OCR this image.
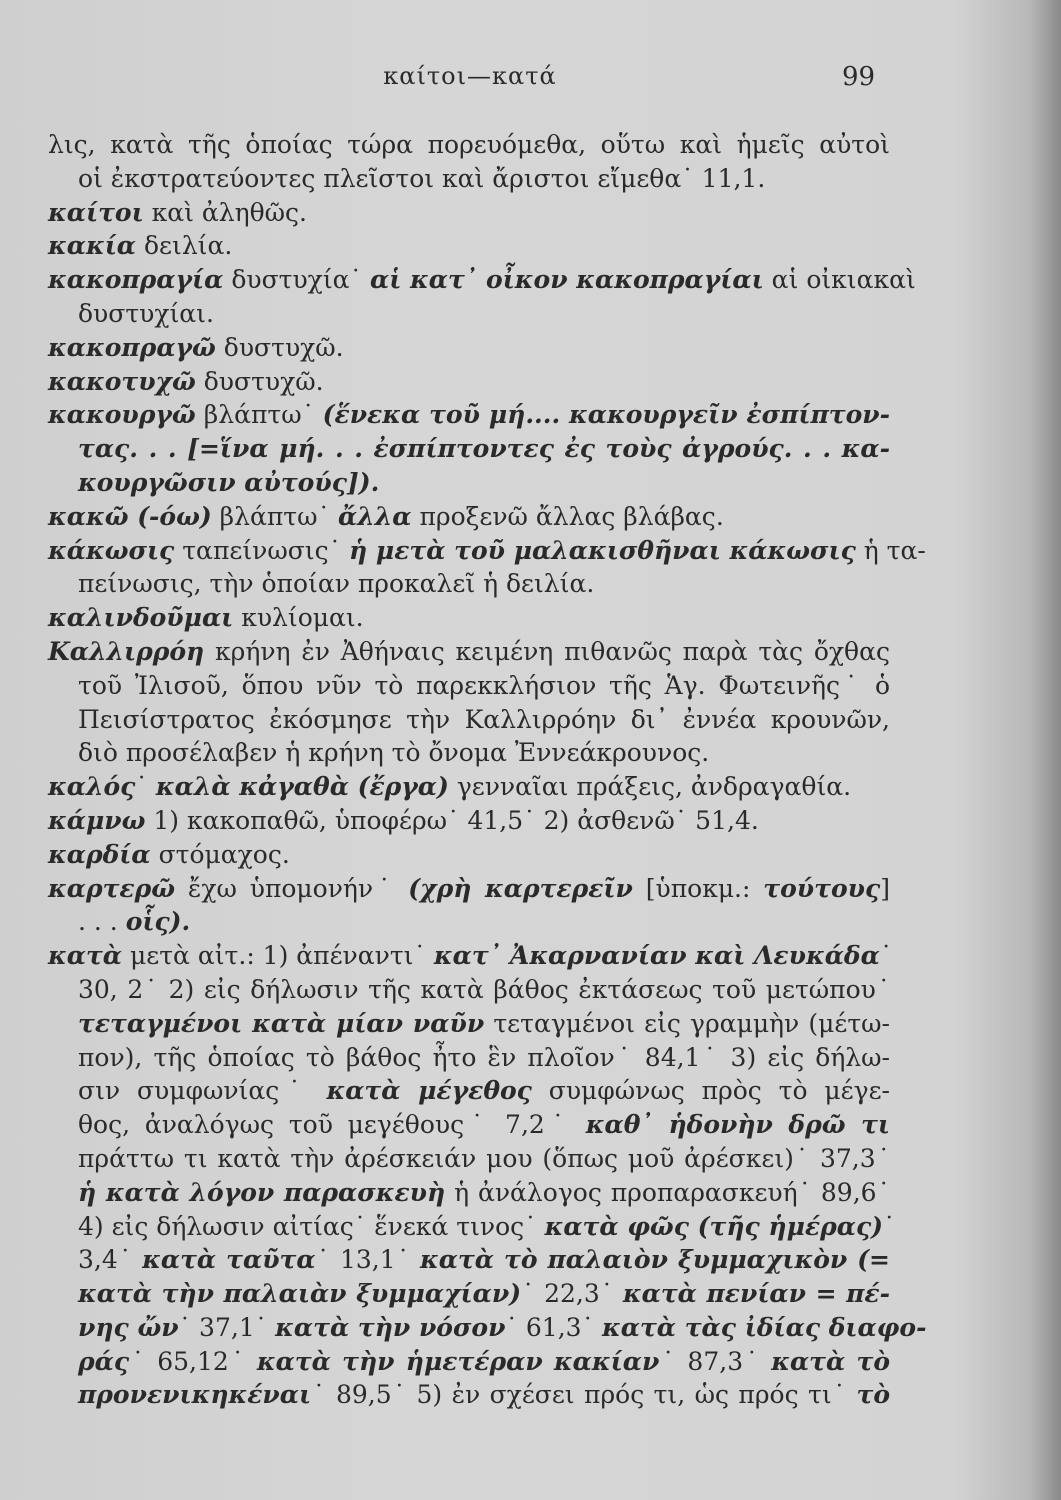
καίτοι—κατά	99
λις, κατὰ τῆς ὁποίας τώρα πορευόμεθα, οὕτω καὶ ἡμεῖς αὐτοὶ
οἱ ἐκστρατεύοντες πλεῖστοι καὶ ἄριστοι εἴμεθα˙ 11,1.
καίτοι καὶ ἀληθῶς.
κακία δειλία.
κακοπραγία δυστυχία˙ αἱ κατ᾿ οἶκον κακοπραγίαι αἱ οἰκιακαὶ
δυστυχίαι.
κακοπραγῶ δυστυχῶ.
κακοτυχῶ δυστυχῶ.
κακουργῶ βλάπτω˙ (ἕνεκα τοῦ μή.... κακουργεῖν ἐσπίπτον-
τας. . . [=ἵνα μή. . . ἐσπίπτοντες ἐς τοὺς ἀγρούς. . . κα-
κουργῶσιν αὐτούς]).
κακῶ (-όω) βλάπτω˙ ἄλλα προξενῶ ἄλλας βλάβας.
κάκωσις ταπείνωσις˙ ἡ μετὰ τοῦ μαλακισθῆναι κάκωσις ἡ τα-
πείνωσις, τὴν ὁποίαν προκαλεῖ ἡ δειλία.
καλινδοῦμαι κυλίομαι.
Καλλιρρόη κρήνη ἐν Ἀθήναις κειμένη πιθανῶς παρὰ τὰς ὄχθας
τοῦ Ἰλισοῦ, ὅπου νῦν τὸ παρεκκλήσιον τῆς Ἁγ. Φωτεινῆς˙ ὁ
Πεισίστρατος ἐκόσμησε τὴν Καλλιρρόην δι᾿ ἐννέα κρουνῶν,
διὸ προσέλαβεν ἡ κρήνη τὸ ὄνομα Ἐννεάκρουνος.
καλός˙ καλὰ κἀγαθὰ (ἔργα) γενναῖαι πράξεις, ἀνδραγαθία.
κάμνω 1) κακοπαθῶ, ὑποφέρω˙ 41,5˙ 2) ἀσθενῶ˙ 51,4.
καρδία στόμαχος.
καρτερῶ ἔχω ὑπομονήν˙ (χρὴ καρτερεῖν [ὑποκμ.: τούτους]
. . . οἷς).
κατὰ μετὰ αἰτ.: 1) ἀπέναντι˙ κατ᾿ Ἀκαρνανίαν καὶ Λευκάδα˙
30, 2˙ 2) εἰς δήλωσιν τῆς κατὰ βάθος ἐκτάσεως τοῦ μετώπου˙
τεταγμένοι κατὰ μίαν ναῦν τεταγμένοι εἰς γραμμὴν (μέτω-
πον), τῆς ὁποίας τὸ βάθος ἦτο ἓν πλοῖον˙ 84,1˙ 3) εἰς δήλω-
σιν συμφωνίας˙ κατὰ μέγεθος συμφώνως πρὸς τὸ μέγε-
θος, ἀναλόγως τοῦ μεγέθους˙ 7,2˙ καθ᾿ ἡδονὴν δρῶ τι
πράττω τι κατὰ τὴν ἀρέσκειάν μου (ὅπως μοῦ ἀρέσκει)˙ 37,3˙
ἡ κατὰ λόγον παρασκευὴ ἡ ἀνάλογος προπαρασκευή˙ 89,6˙
4) εἰς δήλωσιν αἰτίας˙ ἕνεκά τινος˙ κατὰ φῶς (τῆς ἡμέρας)˙
3,4˙ κατὰ ταῦτα˙ 13,1˙ κατὰ τὸ παλαιὸν ξυμμαχικὸν (=
κατὰ τὴν παλαιὰν ξυμμαχίαν)˙ 22,3˙ κατὰ πενίαν = πέ-
νης ὤν˙ 37,1˙ κατὰ τὴν νόσον˙ 61,3˙ κατὰ τὰς ἰδίας διαφο-
ράς˙ 65,12˙ κατὰ τὴν ἡμετέραν κακίαν˙ 87,3˙ κατὰ τὸ
προνενικηκέναι˙ 89,5˙ 5) ἐν σχέσει πρός τι, ὡς πρός τι˙ τὸ
